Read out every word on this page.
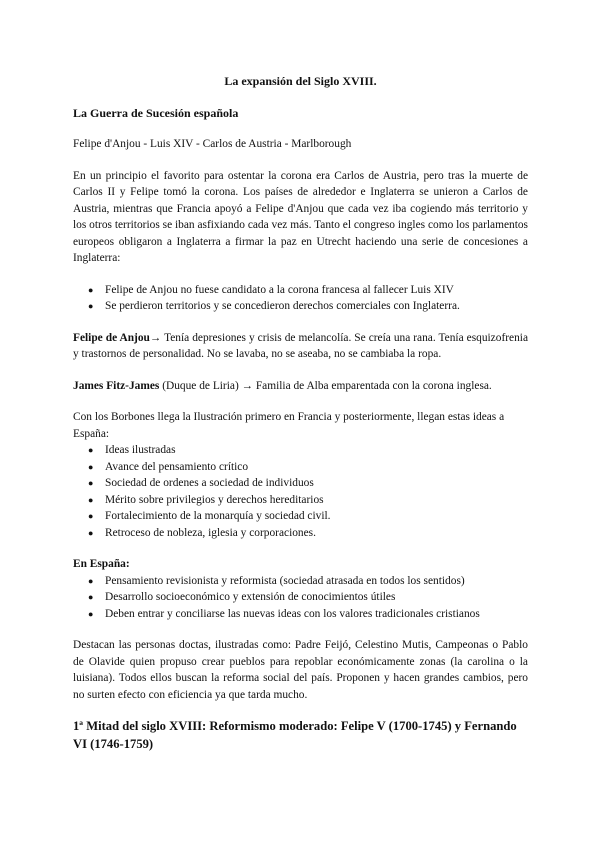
La expansión del Siglo XVIII.

La Guerra de Sucesión española

Felipe d'Anjou - Luis XIV - Carlos de Austria - Marlborough

En un principio el favorito para ostentar la corona era Carlos de Austria, pero tras la muerte de Carlos II y Felipe tomó la corona. Los países de alrededor e Inglaterra se unieron a Carlos de Austria, mientras que Francia apoyó a Felipe d'Anjou que cada vez iba cogiendo más territorio y los otros territorios se iban asfixiando cada vez más. Tanto el congreso ingles como los parlamentos europeos obligaron a Inglaterra a firmar la paz en Utrecht haciendo una serie de concesiones a Inglaterra:

● Felipe de Anjou no fuese candidato a la corona francesa al fallecer Luis XIV
● Se perdieron territorios y se concedieron derechos comerciales con Inglaterra.

Felipe de Anjou→ Tenía depresiones y crisis de melancolía. Se creía una rana. Tenía esquizofrenia y trastornos de personalidad. No se lavaba, no se aseaba, no se cambiaba la ropa.

James Fitz-James (Duque de Liria) → Familia de Alba emparentada con la corona inglesa.

Con los Borbones llega la Ilustración primero en Francia y posteriormente, llegan estas ideas a España:

● Ideas ilustradas
● Avance del pensamiento crítico
● Sociedad de ordenes a sociedad de individuos
● Mérito sobre privilegios y derechos hereditarios
● Fortalecimiento de la monarquía y sociedad civil.
● Retroceso de nobleza, iglesia y corporaciones.

En España:

● Pensamiento revisionista y reformista (sociedad atrasada en todos los sentidos)
● Desarrollo socioeconómico y extensión de conocimientos útiles
● Deben entrar y conciliarse las nuevas ideas con los valores tradicionales cristianos

Destacan las personas doctas, ilustradas como: Padre Feijó, Celestino Mutis, Campeonas o Pablo de Olavide quien propuso crear pueblos para repoblar económicamente zonas (la carolina o la luisiana). Todos ellos buscan la reforma social del país. Proponen y hacen grandes cambios, pero no surten efecto con eficiencia ya que tarda mucho.

1ª Mitad del siglo XVIII: Reformismo moderado: Felipe V (1700-1745) y Fernando VI (1746-1759)
